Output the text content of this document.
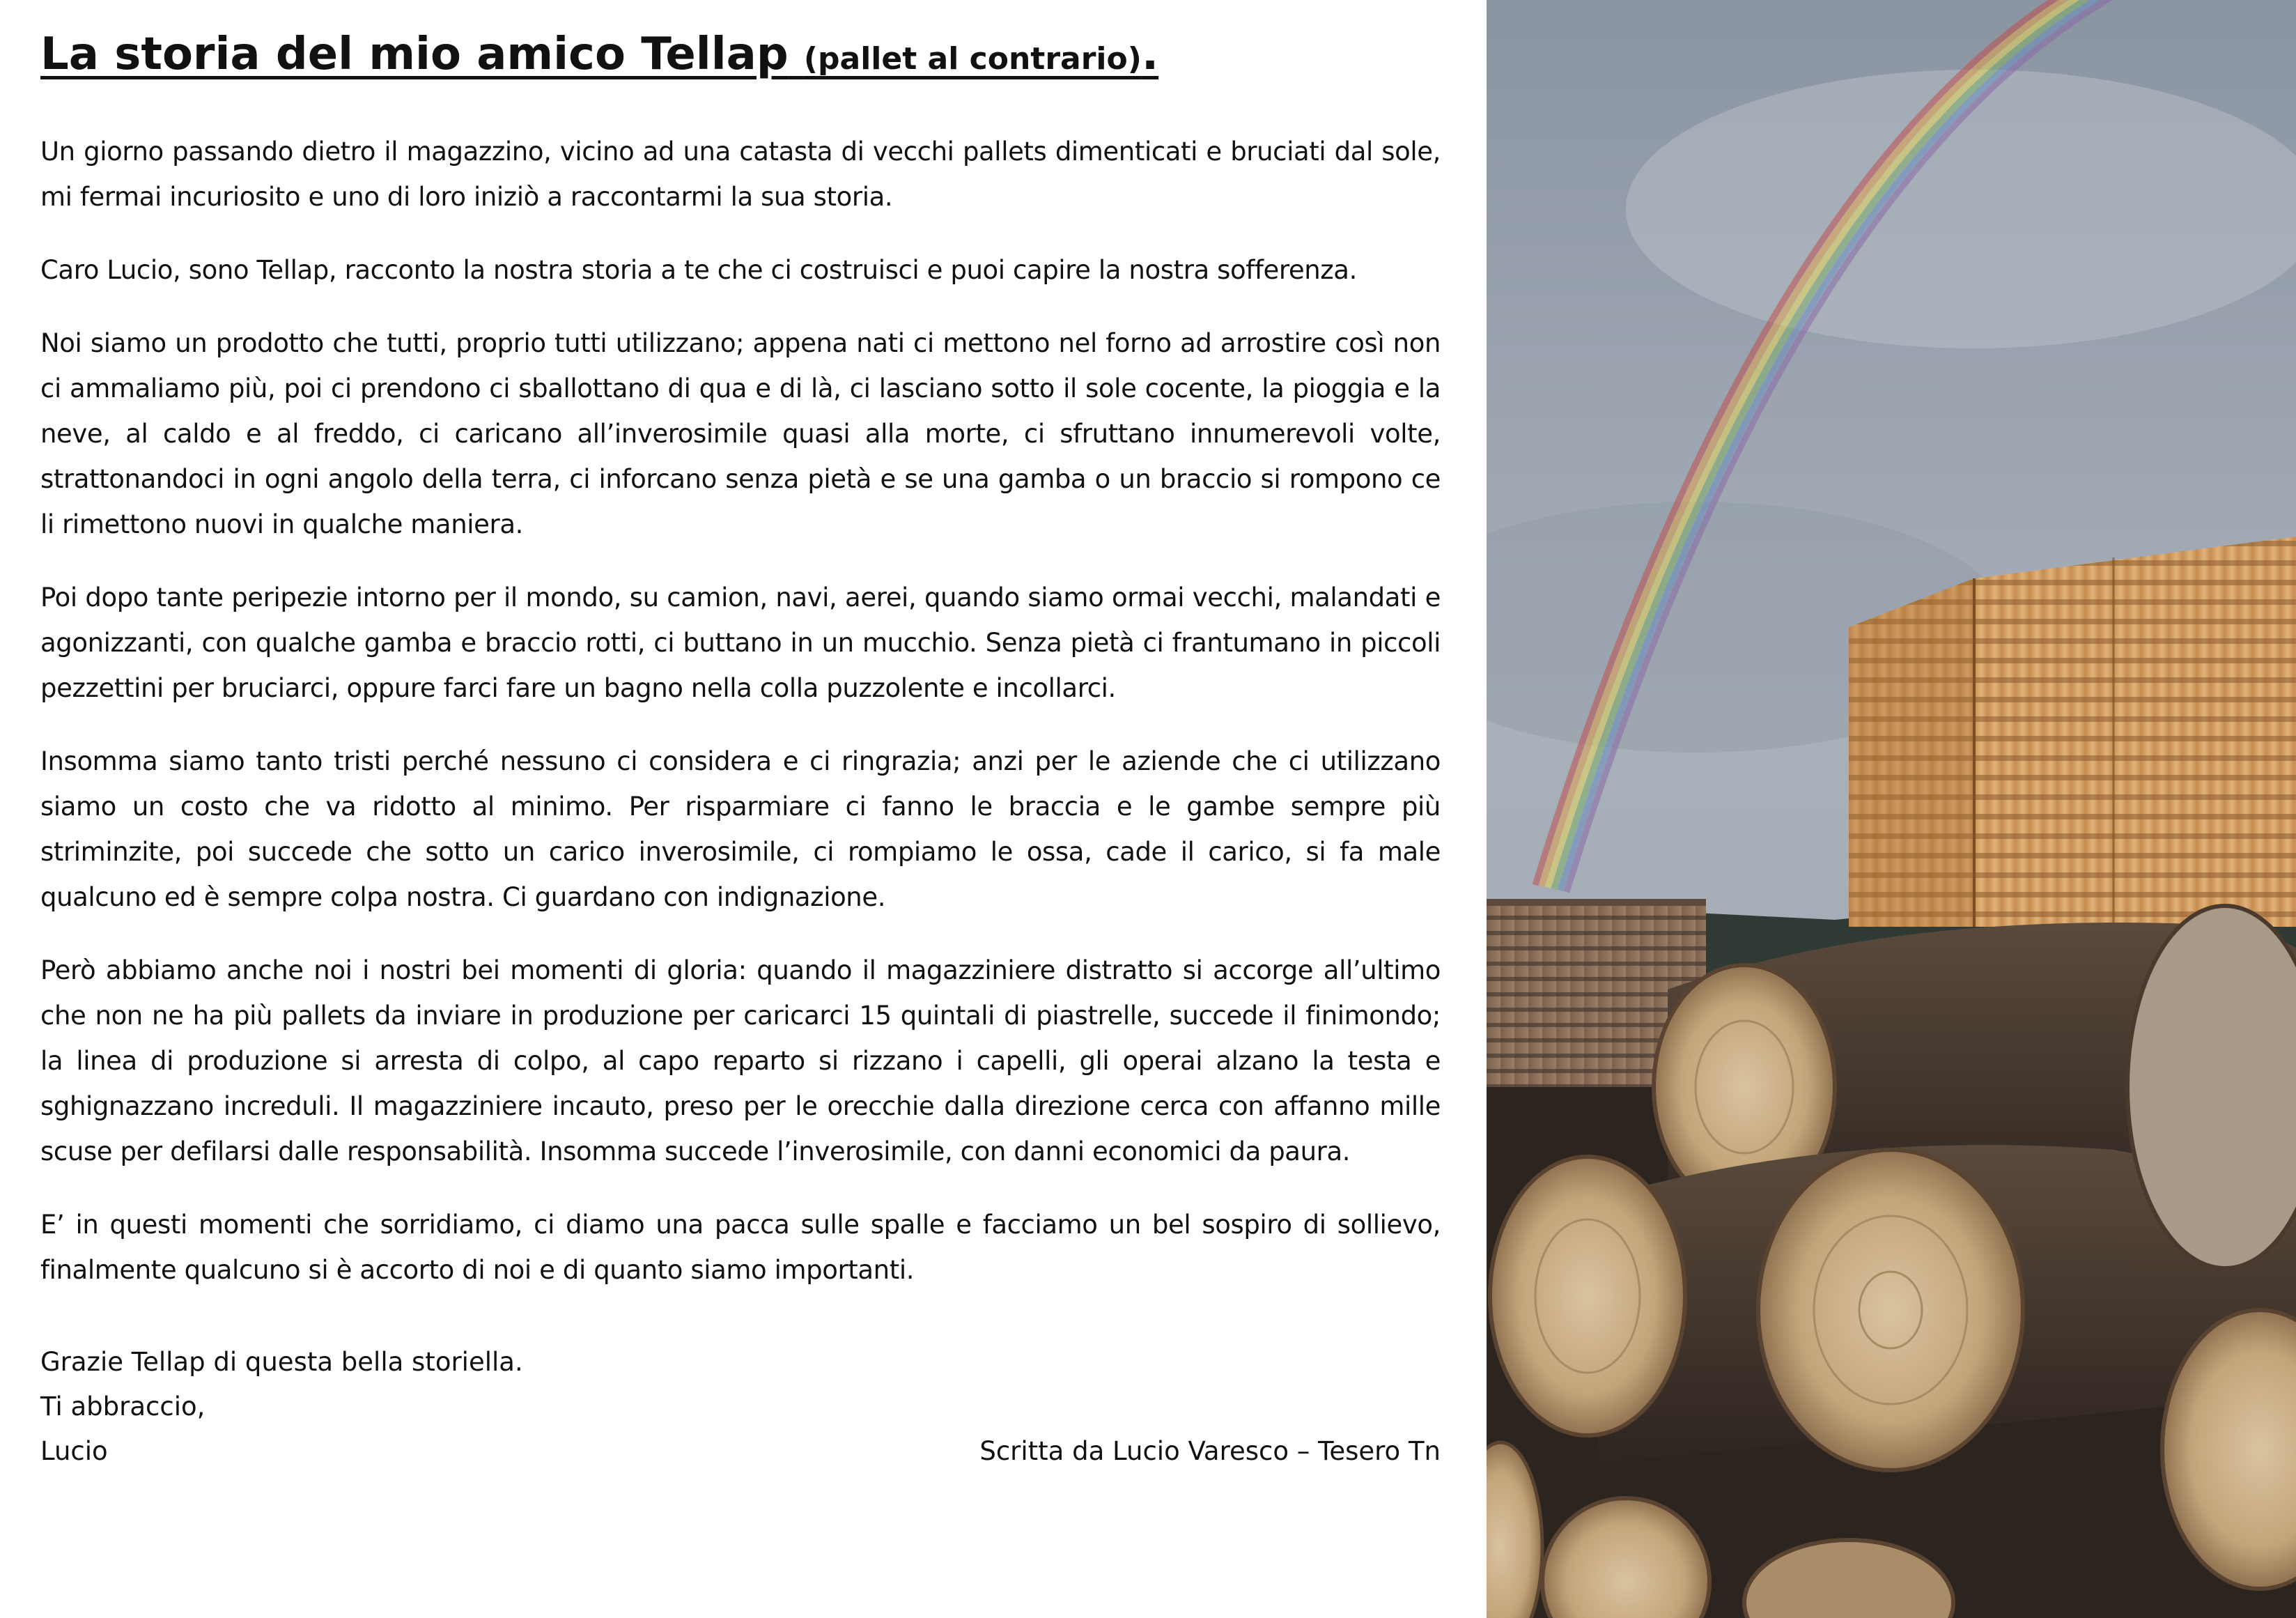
La storia del mio amico Tellap (pallet al contrario).

Un giorno passando dietro il magazzino, vicino ad una catasta di vecchi pallets dimenticati e bruciati dal sole, mi fermai incuriosito e uno di loro iniziò a raccontarmi la sua storia.

Caro Lucio, sono Tellap, racconto la nostra storia a te che ci costruisci e puoi capire la nostra sofferenza.

Noi siamo un prodotto che tutti, proprio tutti utilizzano; appena nati ci mettono nel forno ad arrostire così non ci ammaliamo più, poi ci prendono ci sballottano di qua e di là, ci lasciano sotto il sole cocente, la pioggia e la neve, al caldo e al freddo, ci caricano all’inverosimile quasi alla morte, ci sfruttano innumerevoli volte, strattonandoci in ogni angolo della terra, ci inforcano senza pietà e se una gamba o un braccio si rompono ce li rimettono nuovi in qualche maniera.

Poi dopo tante peripezie intorno per il mondo, su camion, navi, aerei, quando siamo ormai vecchi, malandati e agonizzanti, con qualche gamba e braccio rotti, ci buttano in un mucchio. Senza pietà ci frantumano in piccoli pezzettini per bruciarci, oppure farci fare un bagno nella colla puzzolente e incollarci.

Insomma siamo tanto tristi perché nessuno ci considera e ci ringrazia; anzi per le aziende che ci utilizzano siamo un costo che va ridotto al minimo. Per risparmiare ci fanno le braccia e le gambe sempre più striminzite, poi succede che sotto un carico inverosimile, ci rompiamo le ossa, cade il carico, si fa male qualcuno ed è sempre colpa nostra. Ci guardano con indignazione.

Però abbiamo anche noi i nostri bei momenti di gloria: quando il magazziniere distratto si accorge all’ultimo che non ne ha più pallets da inviare in produzione per caricarci 15 quintali di piastrelle, succede il finimondo; la linea di produzione si arresta di colpo, al capo reparto si rizzano i capelli, gli operai alzano la testa e sghignazzano increduli. Il magazziniere incauto, preso per le orecchie dalla direzione cerca con affanno mille scuse per defilarsi dalle responsabilità. Insomma succede l’inverosimile, con danni economici da paura.

E’ in questi momenti che sorridiamo, ci diamo una pacca sulle spalle e facciamo un bel sospiro di sollievo, finalmente qualcuno si è accorto di noi e di quanto siamo importanti.

Grazie Tellap di questa bella storiella.
Ti abbraccio,
Lucio	Scritta da Lucio Varesco – Tesero Tn
